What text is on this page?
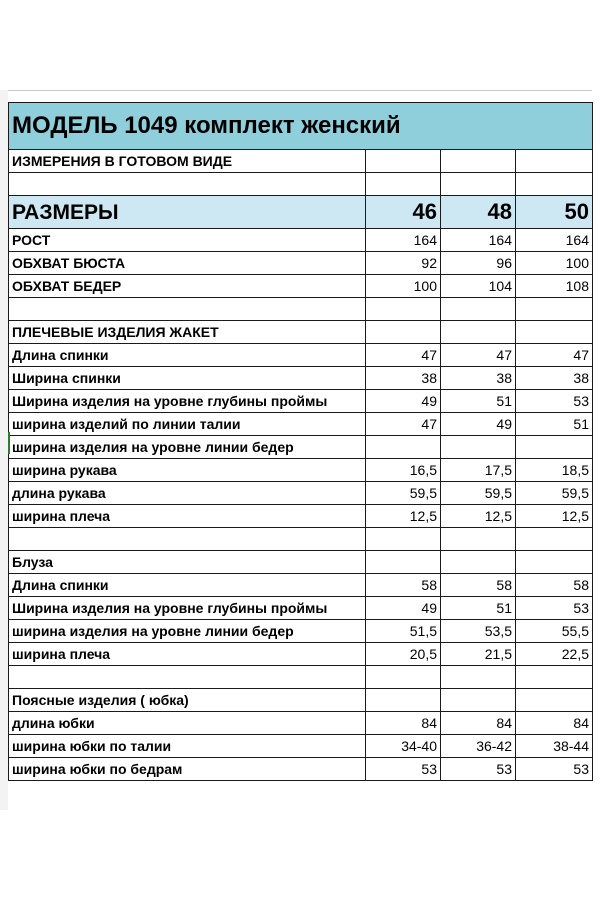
МОДЕЛЬ 1049 комплект женский			
ИЗМЕРЕНИЯ В ГОТОВОМ ВИДЕ			

РАЗМЕРЫ	46	48	50
РОСТ	164	164	164
ОБХВАТ БЮСТА	92	96	100
ОБХВАТ БЕДЕР	100	104	108

ПЛЕЧЕВЫЕ ИЗДЕЛИЯ ЖАКЕТ			
Длина спинки	47	47	47
Ширина спинки	38	38	38
Ширина изделия на уровне глубины проймы	49	51	53
ширина изделий по линии талии	47	49	51
ширина изделия на уровне линии бедер			
ширина рукава	16,5	17,5	18,5
длина рукава	59,5	59,5	59,5
ширина плеча	12,5	12,5	12,5

Блуза			
Длина спинки	58	58	58
Ширина изделия на уровне глубины проймы	49	51	53
ширина изделия на уровне линии бедер	51,5	53,5	55,5
ширина плеча	20,5	21,5	22,5

Поясные изделия ( юбка)			
длина юбки	84	84	84
ширина юбки по талии	34-40	36-42	38-44
ширина юбки по бедрам	53	53	53
